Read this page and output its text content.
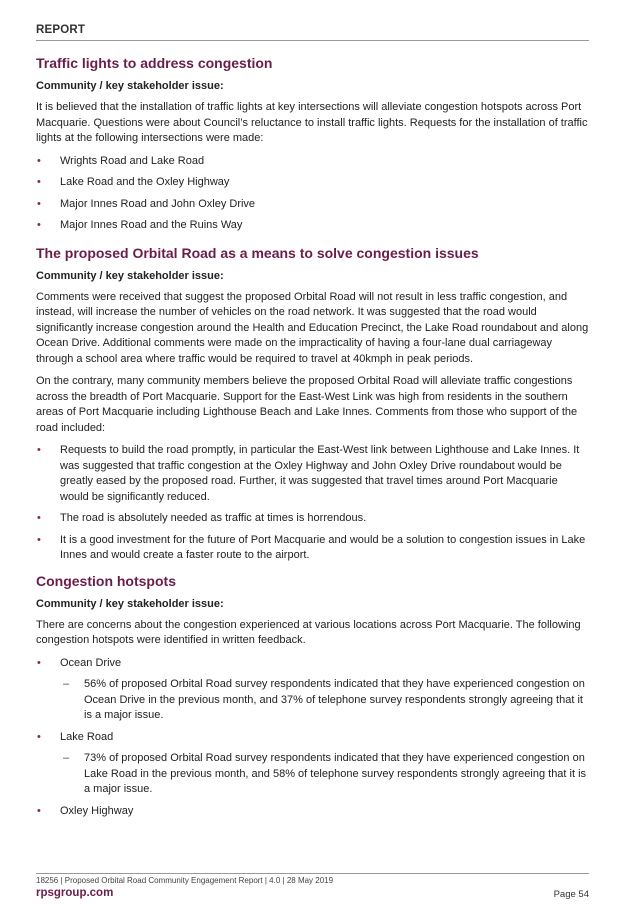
REPORT
Traffic lights to address congestion
Community / key stakeholder issue:

It is believed that the installation of traffic lights at key intersections will alleviate congestion hotspots across Port Macquarie. Questions were about Council’s reluctance to install traffic lights. Requests for the installation of traffic lights at the following intersections were made:

• Wrights Road and Lake Road
• Lake Road and the Oxley Highway
• Major Innes Road and John Oxley Drive
• Major Innes Road and the Ruins Way
The proposed Orbital Road as a means to solve congestion issues
Community / key stakeholder issue:

Comments were received that suggest the proposed Orbital Road will not result in less traffic congestion, and instead, will increase the number of vehicles on the road network. It was suggested that the road would significantly increase congestion around the Health and Education Precinct, the Lake Road roundabout and along Ocean Drive. Additional comments were made on the impracticality of having a four-lane dual carriageway through a school area where traffic would be required to travel at 40kmph in peak periods.

On the contrary, many community members believe the proposed Orbital Road will alleviate traffic congestions across the breadth of Port Macquarie. Support for the East-West Link was high from residents in the southern areas of Port Macquarie including Lighthouse Beach and Lake Innes. Comments from those who support of the road included:

• Requests to build the road promptly, in particular the East-West link between Lighthouse and Lake Innes. It was suggested that traffic congestion at the Oxley Highway and John Oxley Drive roundabout would be greatly eased by the proposed road. Further, it was suggested that travel times around Port Macquarie would be significantly reduced.
• The road is absolutely needed as traffic at times is horrendous.
• It is a good investment for the future of Port Macquarie and would be a solution to congestion issues in Lake Innes and would create a faster route to the airport.
Congestion hotspots
Community / key stakeholder issue:

There are concerns about the congestion experienced at various locations across Port Macquarie. The following congestion hotspots were identified in written feedback.

• Ocean Drive
– 56% of proposed Orbital Road survey respondents indicated that they have experienced congestion on Ocean Drive in the previous month, and 37% of telephone survey respondents strongly agreeing that it is a major issue.
• Lake Road
– 73% of proposed Orbital Road survey respondents indicated that they have experienced congestion on Lake Road in the previous month, and 58% of telephone survey respondents strongly agreeing that it is a major issue.
• Oxley Highway
18256 | Proposed Orbital Road Community Engagement Report | 4.0 | 28 May 2019
rpsgroup.com	Page 54
